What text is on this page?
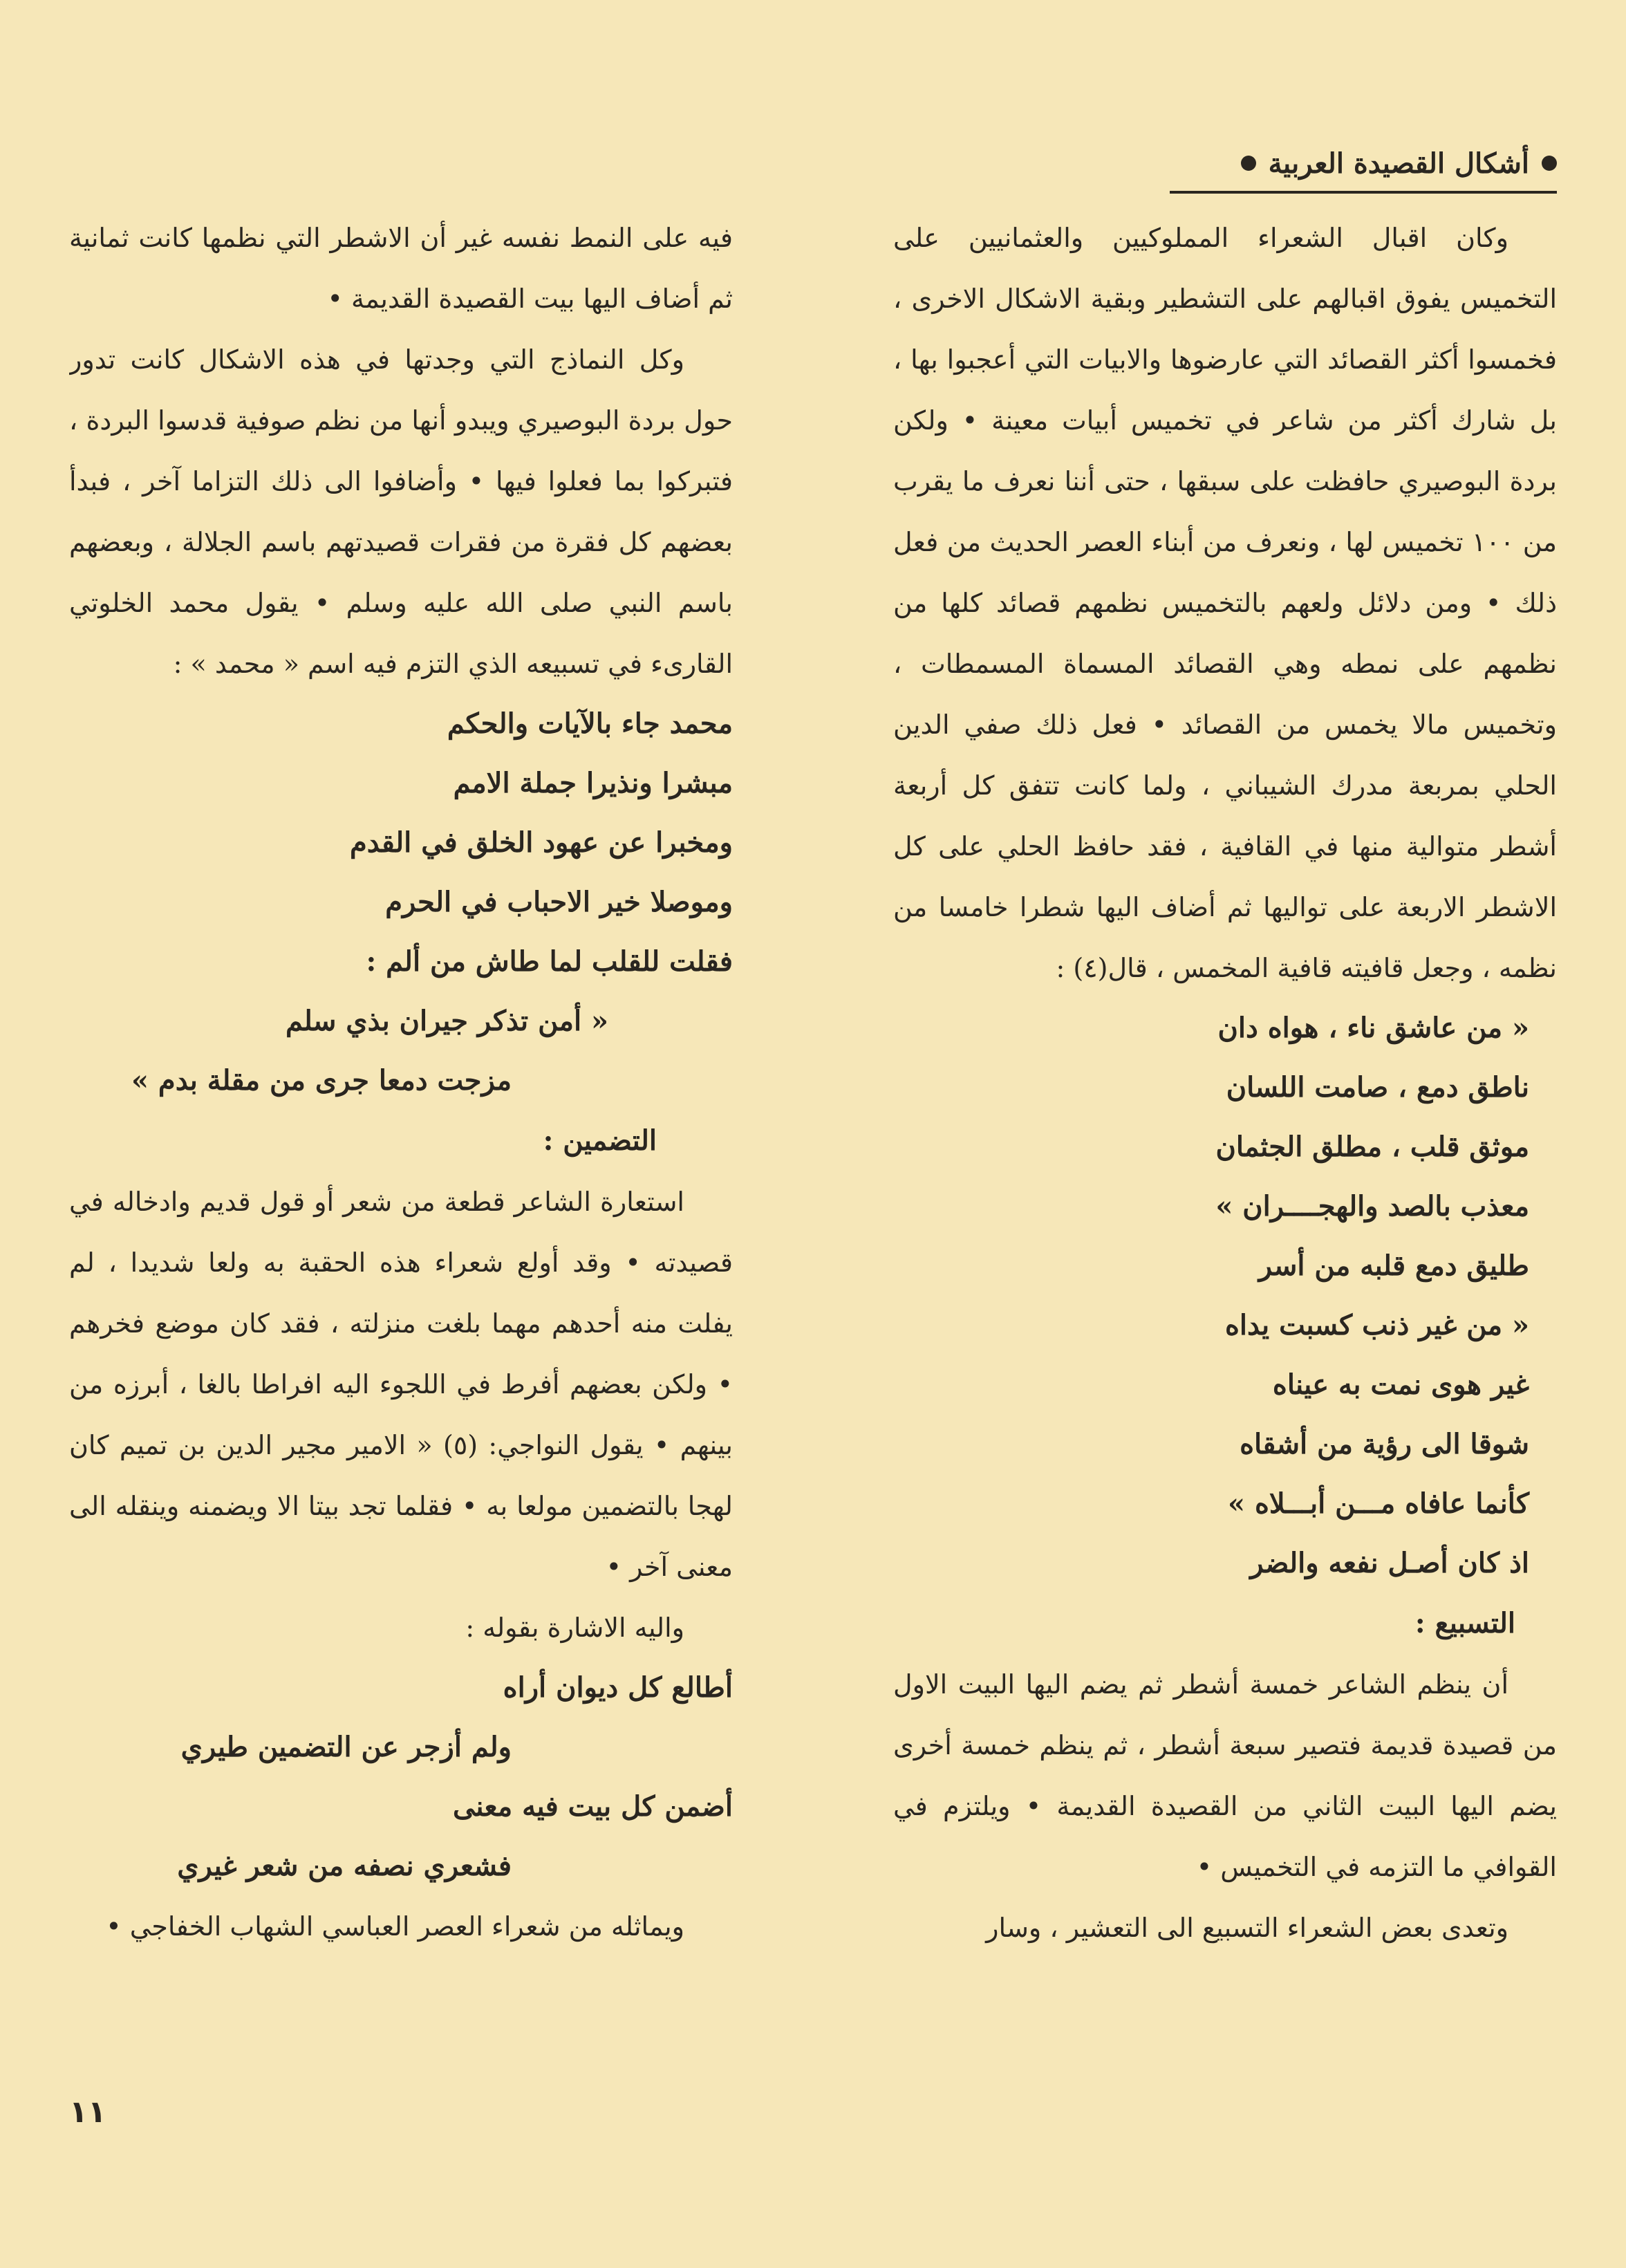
أشكال القصيدة العربية

وكان اقبال الشعراء المملوكيين والعثمانيين على التخميس يفوق اقبالهم على التشطير وبقية الاشكال الاخرى ، فخمسوا أكثر القصائد التي عارضوها والابيات التي أعجبوا بها ، بل شارك أكثر من شاعر في تخميس أبيات معينة • ولكن بردة البوصيري حافظت على سبقها ، حتى أننا نعرف ما يقرب من ١٠٠ تخميس لها ، ونعرف من أبناء العصر الحديث من فعل ذلك • ومن دلائل ولعهم بالتخميس نظمهم قصائد كلها من نظمهم على نمطه وهي القصائد المسماة المسمطات ، وتخميس مالا يخمس من القصائد • فعل ذلك صفي الدين الحلي بمربعة مدرك الشيباني ، ولما كانت تتفق كل أربعة أشطر متوالية منها في القافية ، فقد حافظ الحلي على كل الاشطر الاربعة على تواليها ثم أضاف اليها شطرا خامسا من نظمه ، وجعل قافيته قافية المخمس ، قال(٤) :

« من عاشق ناء ، هواه دان

ناطق دمع ، صامت اللسان

موثق قلب ، مطلق الجثمان

معذب بالصد والهجــــران »

طليق دمع قلبه من أسر

« من غير ذنب كسبت يداه

غير هوى نمت به عيناه

شوقا الى رؤية من أشقاه

كأنما عافاه مـــن أبـــلاه »

اذ كان أصـل نفعه والضر

التسبيع :

أن ينظم الشاعر خمسة أشطر ثم يضم اليها البيت الاول من قصيدة قديمة فتصير سبعة أشطر ، ثم ينظم خمسة أخرى يضم اليها البيت الثاني من القصيدة القديمة • ويلتزم في القوافي ما التزمه في التخميس •

وتعدى بعض الشعراء التسبيع الى التعشير ، وسار

فيه على النمط نفسه غير أن الاشطر التي نظمها كانت ثمانية ثم أضاف اليها بيت القصيدة القديمة •

وكل النماذج التي وجدتها في هذه الاشكال كانت تدور حول بردة البوصيري ويبدو أنها من نظم صوفية قدسوا البردة ، فتبركوا بما فعلوا فيها • وأضافوا الى ذلك التزاما آخر ، فبدأ بعضهم كل فقرة من فقرات قصيدتهم باسم الجلالة ، وبعضهم باسم النبي صلى الله عليه وسلم • يقول محمد الخلوتي القارىء في تسبيعه الذي التزم فيه اسم « محمد » :

محمد جاء بالآيات والحكم

مبشرا ونذيرا جملة الامم

ومخبرا عن عهود الخلق في القدم

وموصلا خير الاحباب في الحرم

فقلت للقلب لما طاش من ألم :

« أمن تذكر جيران بذي سلم

مزجت دمعا جرى من مقلة بدم »

التضمين :

استعارة الشاعر قطعة من شعر أو قول قديم وادخاله في قصيدته • وقد أولع شعراء هذه الحقبة به ولعا شديدا ، لم يفلت منه أحدهم مهما بلغت منزلته ، فقد كان موضع فخرهم • ولكن بعضهم أفرط في اللجوء اليه افراطا بالغا ، أبرزه من بينهم • يقول النواجي: (٥) « الامير مجير الدين بن تميم كان لهجا بالتضمين مولعا به • فقلما تجد بيتا الا ويضمنه وينقله الى معنى آخر •

واليه الاشارة بقوله :

أطالع كل ديوان أراه

ولم أزجر عن التضمين طيري

أضمن كل بيت فيه معنى

فشعري نصفه من شعر غيري

ويماثله من شعراء العصر العباسي الشهاب الخفاجي •

١١
